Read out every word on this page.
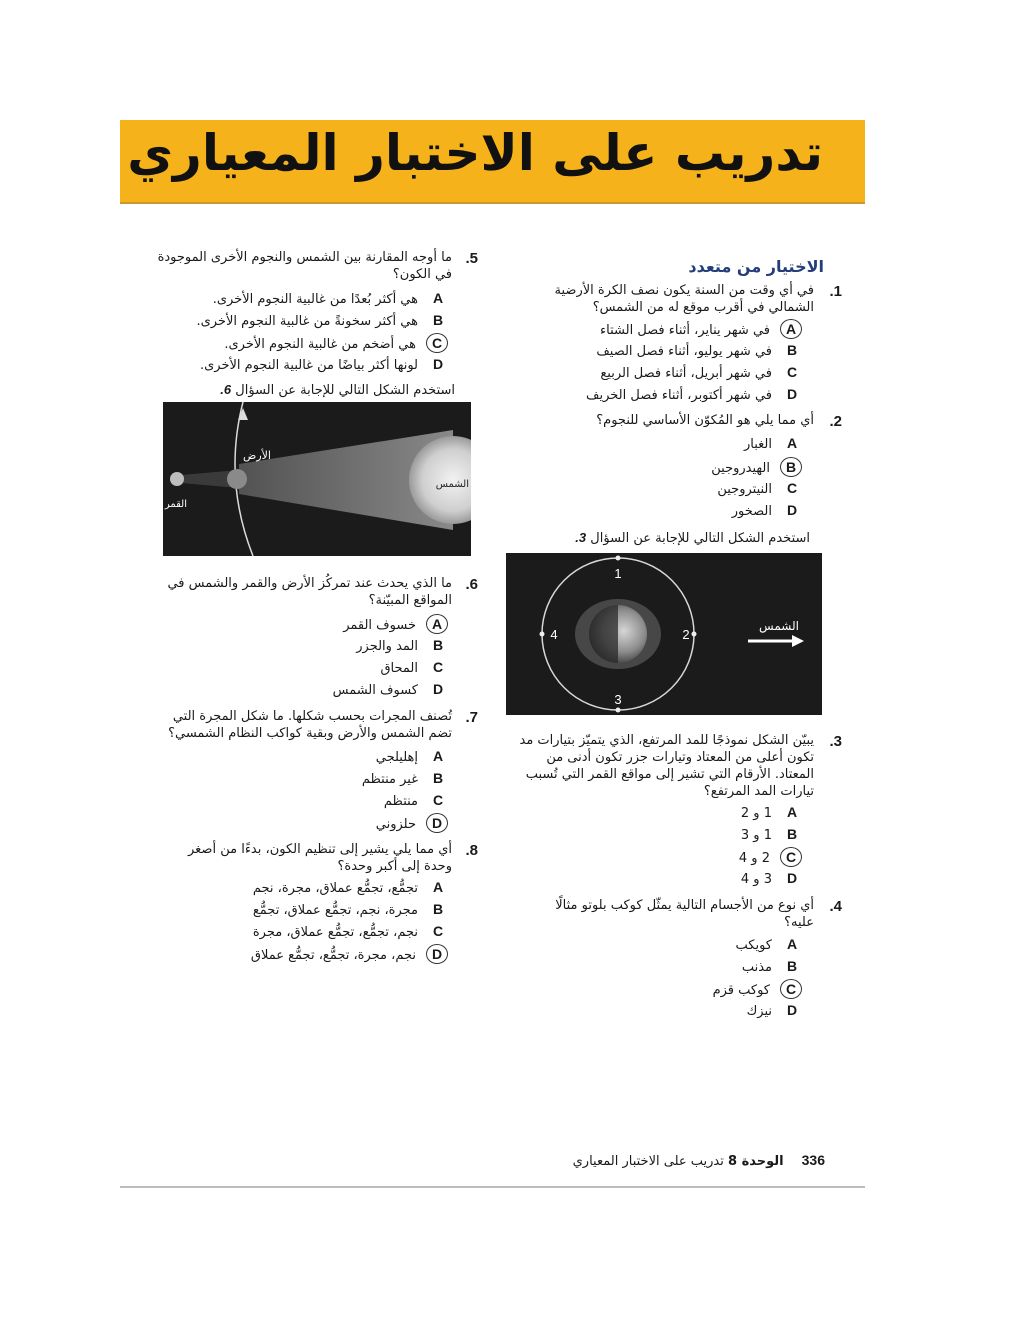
تدريب على الاختبار المعياري
الاختيار من متعدد
.1
في أي وقت من السنة يكون نصف الكرة الأرضية الشمالي في أقرب موقع له من الشمس؟
Aفي شهر يناير، أثناء فصل الشتاء
Bفي شهر يوليو، أثناء فصل الصيف
Cفي شهر أبريل، أثناء فصل الربيع
Dفي شهر أكتوبر، أثناء فصل الخريف
.2
أي مما يلي هو المُكوّن الأساسي للنجوم؟
Aالغبار
Bالهيدروجين
Cالنيتروجين
Dالصخور
استخدم الشكل التالي للإجابة عن السؤال 3.
1
2
3
4
الشمس
.3
يبيّن الشكل نموذجًا للمد المرتفع، الذي يتميّز بتيارات مد تكون أعلى من المعتاد وتيارات جزر تكون أدنى من المعتاد. الأرقام التي تشير إلى مواقع القمر التي تُسبب تيارات المد المرتفع؟
A1 و 2
B1 و 3
C2 و 4
D3 و 4
.4
أي نوع من الأجسام التالية يمثّل كوكب بلوتو مثالًا عليه؟
Aكويكب
Bمذنب
Cكوكب قزم
Dنيزك
.5
ما أوجه المقارنة بين الشمس والنجوم الأخرى الموجودة في الكون؟
Aهي أكثر بُعدًا من غالبية النجوم الأخرى.
Bهي أكثر سخونةً من غالبية النجوم الأخرى.
Cهي أضخم من غالبية النجوم الأخرى.
Dلونها أكثر بياضًا من غالبية النجوم الأخرى.
استخدم الشكل التالي للإجابة عن السؤال 6.
الأرض
القمر
الشمس
.6
ما الذي يحدث عند تمركُز الأرض والقمر والشمس في المواقع المبيّنة؟
Aخسوف القمر
Bالمد والجزر
Cالمحاق
Dكسوف الشمس
.7
تُصنف المجرات بحسب شكلها. ما شكل المجرة التي تضم الشمس والأرض وبقية كواكب النظام الشمسي؟
Aإهليلجي
Bغير منتظم
Cمنتظم
Dحلزوني
.8
أي مما يلي يشير إلى تنظيم الكون، بدءًا من أصغر وحدة إلى أكبر وحدة؟
Aتجمُّع، تجمُّع عملاق، مجرة، نجم
Bمجرة، نجم، تجمُّع عملاق، تجمُّع
Cنجم، تجمُّع، تجمُّع عملاق، مجرة
Dنجم، مجرة، تجمُّع، تجمُّع عملاق
336الوحدة 8 تدريب على الاختبار المعياري
